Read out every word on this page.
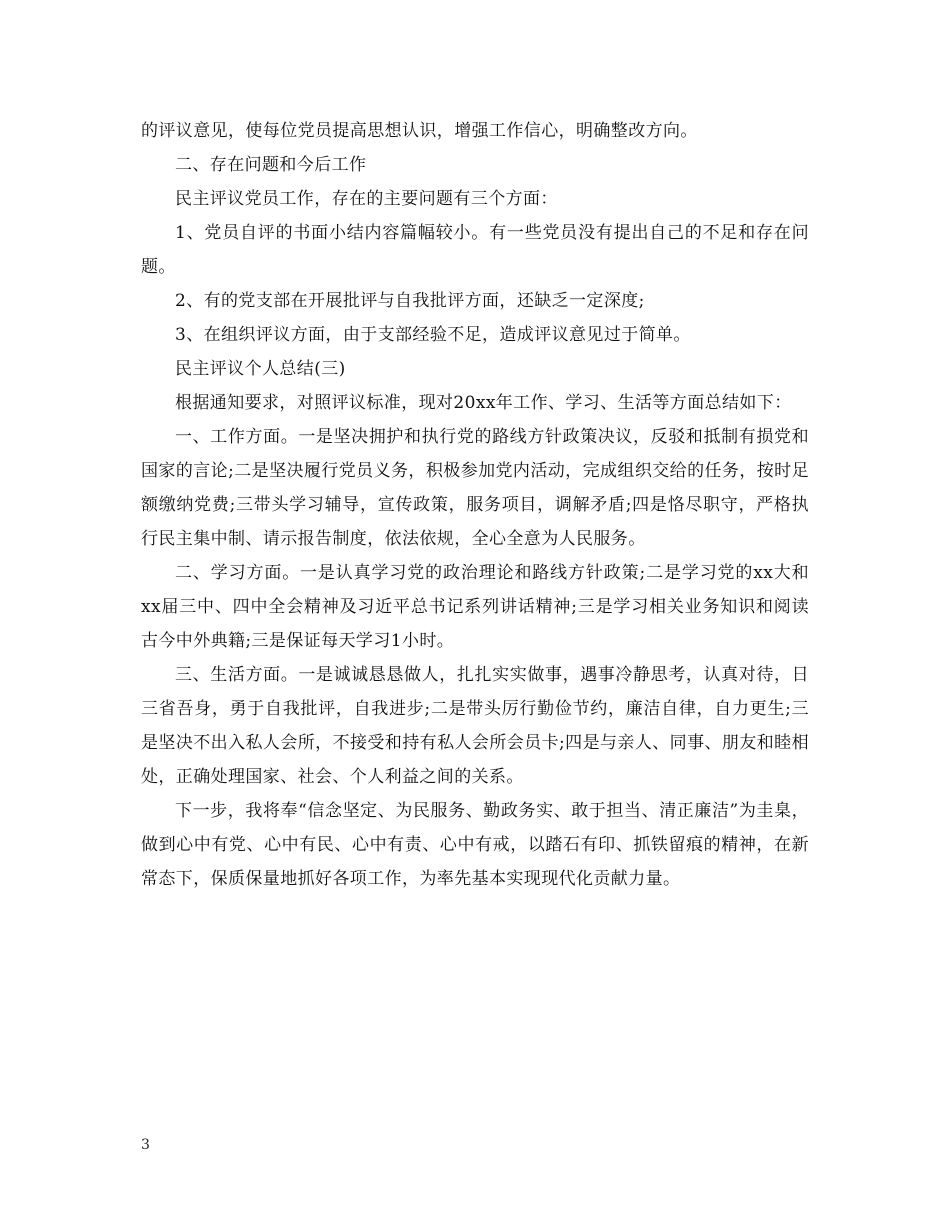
的评议意见，使每位党员提高思想认识，增强工作信心，明确整改方向。

二、存在问题和今后工作

民主评议党员工作，存在的主要问题有三个方面：

1、党员自评的书面小结内容篇幅较小。有一些党员没有提出自己的不足和存在问题。

2、有的党支部在开展批评与自我批评方面，还缺乏一定深度;

3、在组织评议方面，由于支部经验不足，造成评议意见过于简单。

民主评议个人总结(三)

根据通知要求，对照评议标准，现对20xx年工作、学习、生活等方面总结如下：

一、工作方面。一是坚决拥护和执行党的路线方针政策决议，反驳和抵制有损党和国家的言论;二是坚决履行党员义务，积极参加党内活动，完成组织交给的任务，按时足额缴纳党费;三带头学习辅导，宣传政策，服务项目，调解矛盾;四是恪尽职守，严格执行民主集中制、请示报告制度，依法依规，全心全意为人民服务。

二、学习方面。一是认真学习党的政治理论和路线方针政策;二是学习党的xx大和xx届三中、四中全会精神及习近平总书记系列讲话精神;三是学习相关业务知识和阅读古今中外典籍;三是保证每天学习1小时。

三、生活方面。一是诚诚恳恳做人，扎扎实实做事，遇事冷静思考，认真对待，日三省吾身，勇于自我批评，自我进步;二是带头厉行勤俭节约，廉洁自律，自力更生;三是坚决不出入私人会所，不接受和持有私人会所会员卡;四是与亲人、同事、朋友和睦相处，正确处理国家、社会、个人利益之间的关系。

下一步，我将奉“信念坚定、为民服务、勤政务实、敢于担当、清正廉洁”为圭臬，做到心中有党、心中有民、心中有责、心中有戒，以踏石有印、抓铁留痕的精神，在新常态下，保质保量地抓好各项工作，为率先基本实现现代化贡献力量。

3
